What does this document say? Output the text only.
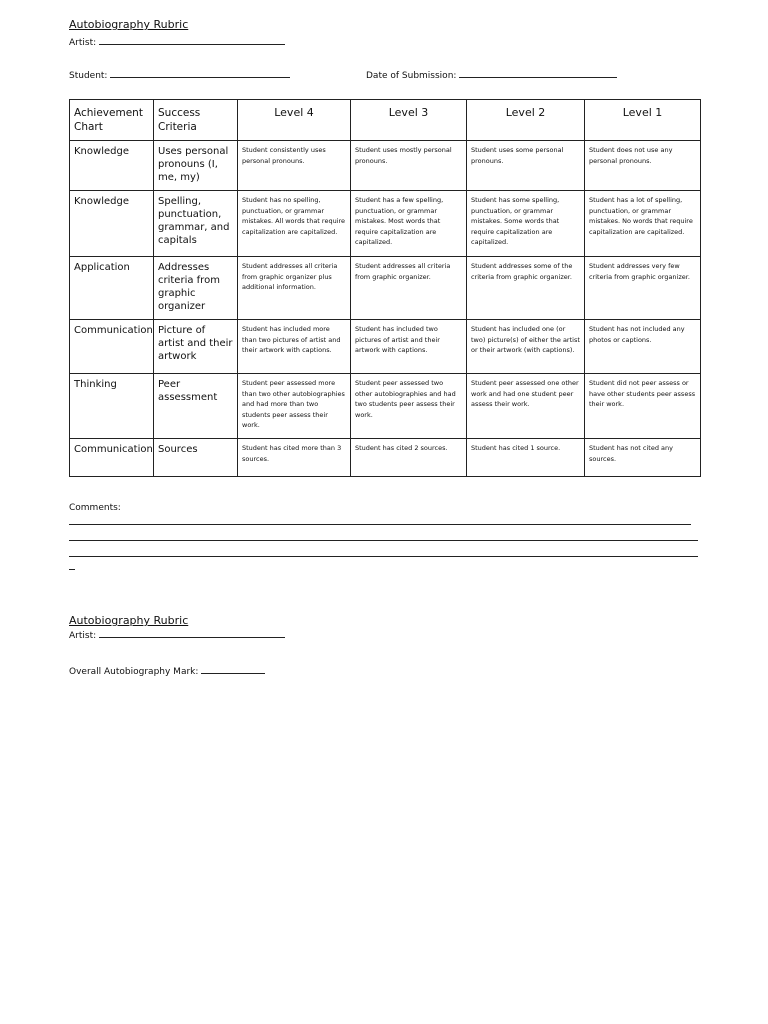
Autobiography Rubric
Artist:
Student:	Date of Submission:
Achievement Chart	Success Criteria	Level 4	Level 3	Level 2	Level 1
Knowledge	Uses personal pronouns (I, me, my)	Student consistently uses personal pronouns.	Student uses mostly personal pronouns.	Student uses some personal pronouns.	Student does not use any personal pronouns.
Knowledge	Spelling, punctuation, grammar, and capitals	Student has no spelling, punctuation, or grammar mistakes. All words that require capitalization are capitalized.	Student has a few spelling, punctuation, or grammar mistakes. Most words that require capitalization are capitalized.	Student has some spelling, punctuation, or grammar mistakes. Some words that require capitalization are capitalized.	Student has a lot of spelling, punctuation, or grammar mistakes. No words that require capitalization are capitalized.
Application	Addresses criteria from graphic organizer	Student addresses all criteria from graphic organizer plus additional information.	Student addresses all criteria from graphic organizer.	Student addresses some of the criteria from graphic organizer.	Student addresses very few criteria from graphic organizer.
Communication	Picture of artist and their artwork	Student has included more than two pictures of artist and their artwork with captions.	Student has included two pictures of artist and their artwork with captions.	Student has included one (or two) picture(s) of either the artist or their artwork (with captions).	Student has not included any photos or captions.
Thinking	Peer assessment	Student peer assessed more than two other autobiographies and had more than two students peer assess their work.	Student peer assessed two other autobiographies and had two students peer assess their work.	Student peer assessed one other work and had one student peer assess their work.	Student did not peer assess or have other students peer assess their work.
Communication	Sources	Student has cited more than 3 sources.	Student has cited 2 sources.	Student has cited 1 source.	Student has not cited any sources.
Comments:
Autobiography Rubric
Artist:
Overall Autobiography Mark:
